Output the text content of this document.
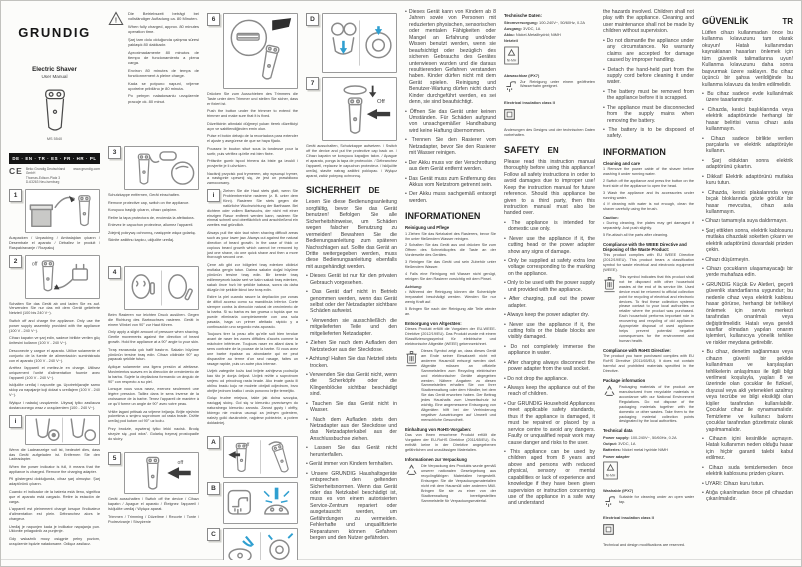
GRUNDIG
Electric Shaver
User Manual
MS 5540
DE · EN · TR · ES · FR · HR · PL
CE Beko Grundig Deutschland GmbH
Thomas-Edison-Platz 3
D-63263 Neu-Isenburg
www.grundig.com
1

Auspacken / Unpacking / Ambalajdan çıkarın / Desembale el aparato / Déballez le produit / Raspakiravanje / Rozpakuj

2	off

Schalten Sie das Gerät ab und laden Sie es auf. Verwenden Sie nur das mit dem Gerät gelieferte Netzteil (100 bis 240 V~).

Switch off and charge the appliance. Only use the power supply assembly provided with the appliance (100 V - 240 V~).

Cihazı kapatın ve şarj edin, sadece birlikte verilen güç ünitesini kullanın (100 V - 240 V~).

Desconecte y cargue el aparato. Utilice solamente el conjunto de la fuente de alimentación suministrado con el aparato (100 V - 240 V~).

Arrêtez l'appareil et mettez-le en charge. Utilisez uniquement l'unité d'alimentation fournie avec l'appareil (100 V - 240 V~).

Isključite uređaj i napunite ga. Upotrebljavajte samo sklop za napajanje koji dolazi s uređajem (100 V - 240 V~).

Wyłącz i naładuj urządzenie. Używaj tylko zasilacza dostarczonego wraz z urządzeniem (100 - 240 V~).

i

Wenn die Ladeanzeige voll ist, bedeutet dies, dass das Gerät aufgeladen ist. Entfernen Sie den Ladeadapter.

When the power indicator is full, it means that the appliance is charged. Remove the charging adapter.

Pil göstergesi dolduğunda, cihaz şarj olmuştur. Şarj adaptörünü çıkarın.

Cuando el indicador de la batería está lleno, significa que el aparato está cargado. Retire la estación de carga.

L'appareil est pleinement chargé lorsque l'indicateur d'alimentation est plein. Débranchez alors le chargeur.

Uređaj je napunjen kada je indikator napajanja pun. Uklonite prilagodnik za punjenje.

Gdy wskaźnik mocy osiągnie pełny poziom, urządzenie będzie naładowane. Odłącz zasilacz.

!

Die Betriebszeit beträgt bei vollständiger Aufladung ca. 80 Minuten.

When fully charged, approx. 80 minutes operation time.

Şarj tam dolu olduğunda çalışma süresi yaklaşık 80 dakikadır.

Aproximadamente 80 minutos de tiempo de funcionamiento a plena carga.

Environ 80 minutes de temps de fonctionnement à pleine charge.

Kada se potpuno napuni, vrijeme upotrebe približno je 80 minuta.

Po pełnym naładowaniu urządzenie pracuje ok. 80 minut.

3

Schutzkappe entfernen, Gerät einschalten.

Remove protective cap, switch on the appliance.

Koruyucu başlığı çıkarın, cihazı çalıştırın.

Retire la tapa protectora de, encienda la afeitadora.

Enlevez le capuchon protecteur, allumez l'appareil.

Zdejmij pokrywę ochronną, następnie włącz golarkę.

Skinite zaštitnu kapicu, uključite uređaj.

4

Beim Rasieren nur leichten Druck ausüben. Gegen die Richtung des Bartwuchses rasieren. Gerät in einem Winkel von 90° zur Haut führen.

Only apply a slight amount of pressure when shaving. Gentle movements against the direction of beard growth. Hold the appliance at a 90° angle to your skin.

Tıraş esnasında çok hafif bastırın. Sakalın büyüme yönünün tersine tıraş edin. Cihazı cildinizle 90° açı yapacak şekilde tutun.

Aplique solamente una ligera presión al afeitarse. Movimientos suaves en la dirección de crecimiento de la barba. Sujete la depiladora formando un ángulo de 90° con respecto a su piel.

Lorsque vous vous rasez, exercez seulement une légère pression. Taillez dans le sens inverse de la croissance de la barbe. Tenez l'appareil de manière à ce qu'il forme un angle de 90° avec votre peau.

Vršite lagani pritisak za vrijeme brijanja. Brijte nježnim pokretima u smjeru suprotnom od rasta brade. Držite uređaj pod kutom od 90° uz kožu.

Przy brodzie, wywieraj tylko lekki nacisk. Brodę strzyże się „pod włos”. Golarkę trzymaj prostopadle do skóry.

5
off

Gerät ausschalten / Switch off the device / Cihazı kapatın / Apague el aparato / Éteignez l'appareil / Isključite uređaj / Wyłącz aparat.

Trimmen / Trimming / Düzeltme / Recorte / Tonte / Podrezivanje / Strzyżenie

6

Drücken Sie zum Ausschieben des Trimmers die Taste unter dem Trimmer und stellen Sie sicher, dass er fixiert ist.

Push the button under the trimmer to extend the trimmer and make sure that it is fixed.

Düzelticinin altındaki düğmeyi yukarı iterek düzelticiyi açın ve sabitlendiğinden emin olun.

Pulse el botón debajo de la recortadora para extender el ajuste y asegúrese de que se haya fijado.

Poussez le bouton situé sous la tondeuse pour la sortir, puis vérifiez qu'elle est bien fixée.

Pritisnite gumb ispod trimera da biste ga izvukli i provjerite je li učvršćen.

Naciśnij przycisk pod trymerem, aby wysunąć trymer, a następnie upewnij się, że jest on prawidłowo zamocowany.

i

Ziehen Sie die Haut stets glatt, wenn Sie Problembereiche rasieren (z. B. unter dem Kinn). Rasieren Sie stets gegen die natürliche Wuchsrichtung der Barthaare. Bei dichtem oder vollem Bartwuchs, der nicht mit einer einzigen Rasur entfernt werden kann, rasieren Sie einmal schnell und oberflächlich und anschließend ein zweites mal gründlich.

Always pull the skin taut when shaving difficult areas such as your lower jaw. Always cut against the natural direction of beard growth. In the case of thick or copious beard growth which cannot be removed by just one shave, do one quick shave and then a more thorough second one.

Çene altı gibi zor bölgeleri tıraş ederken cildinizi mutlaka gergin tutun. Daima sakalın doğal büyüme yönünün tersine tıraş edin. Bir kerede tıraş edilemeyecek kadar sert ve kalın sakalı tıraş ederken, sakalı önce hızlı bir şekilde kabaca, sonra da daha düzgün bir şekilde ikinci kez tıraş edin.

Estire la piel cuando rasure la depilación por zonas de difícil acceso como su mandíbula inferior. Corte siempre contra la dirección natural de crecimiento de la barba. Si su barba es tan gruesa o tupida que no puede eliminarla completamente con una sola pasada, haga un primer afeitado rápido y a continuación uno segundo más apurado.

Toujours tirer la peau afin qu'elle soit bien tendue avant de raser les zones difficiles d'accès comme la mâchoire inférieure. Toujours raser en allant dans le sens contraire de la pousse de la barbe. Si vous avez une barbe épaisse ou abondante qui ne peut disparaître au terme d'un seul rasage, faites un rasage rapide, puis un autre plus intense.

Uvijek zategnite kožu kad brijete zahtjevna područja kao što je donja čeljust. Uvijek režite u suprotnom smjeru od prirodnog rasta brade. Ako imate gustu ili obilnu bradu koju ne možete obrijati odjednom, brzo obrijte jednom kratko i onda ponovno brijte temeljito.

Goląc trudne miejsca, takie jak dolna szczęka, naciągaj skórę. Gol się w kierunku przeciwnym do naturalnego kierunku zarostu. Zarost gęsty i obfity, którego nie można usunąć za jednym goleniem, należy golić dwukrotnie, najpierw pobieżnie, a potem dokładniej.

A	off
B
C
D
7
Off

Gerät ausschalten, Schutzkappe aufsetzen. / Switch off the device and put the protective cap back on. / Cihazı kapatın ve koruyucu kapağını takın. / Apague el aparato, ponga la tapa de protección. / Débranchez l'appareil, replacez le capuchon protecteur. / Isključite uređaj, stavite natrag zaštitni poklopac. / Wyłącz aparat, załóż pokrywę ochronną.

SICHERHEIT DE

Lesen Sie diese Bedienungsanleitung sorgfältig, bevor Sie das Gerät benutzen! Befolgen Sie alle Sicherheitshinweise, um Schäden wegen falscher Benutzung zu vermeiden! Bewahren Sie die Bedienungsanleitung zum späteren Nachschlagen auf. Sollte das Gerät an Dritte weitergegeben werden, muss diese Bedienungsanleitung ebenfalls mit ausgehändigt werden.

• Dieses Gerät ist nur für den privaten Gebrauch vorgesehen.

• Das Gerät darf nicht in Betrieb genommen werden, wenn das Gerät selbst oder der Netzadapter sichtbare Schäden aufweist.

• Verwenden sie ausschließlich die mitgelieferten Teile und den mitgelieferten Netzadapter.

• Ziehen Sie nach dem Aufladen den Netzstecker aus der Steckdose.

• Achtung! Halten Sie das Netzteil stets trocken.

• Verwenden Sie das Gerät nicht, wenn die Scherköpfe oder die Klingenblöcke sichtbar beschädigt sind.

• Tauchen Sie das Gerät nicht in Wasser.

• Nach dem Aufladen stets den Netzadapter aus der Steckdose und das Netzadapterkabel aus der Anschlussbuchse ziehen.

• Lassen Sie das Gerät nicht herunterfallen.

• Gerät immer von Kindern fernhalten.

• Unsere GRUNDIG Haushaltsgeräte entsprechen den geltenden Sicherheitsnormen. Wenn das Gerät oder das Netzkabel beschädigt ist, muss es von einem autorisierten Service-Zentrum repariert oder ausgetauscht werden, um Gefährdungen zu vermeiden. Fehlerhafte und unqualifizierte Reparaturen können Gefahren bergen und den Nutzer gefährden.

• Dieses Gerät kann von Kindern ab 8 Jahren sowie von Personen mit reduzierten physischen, sensorischen oder mentalen Fähigkeiten oder Mangel an Erfahrung und/oder Wissen benutzt werden, wenn sie beaufsichtigt oder bezüglich des sicheren Gebrauchs des Gerätes unterwiesen wurden und die daraus resultierenden Gefahren verstanden haben. Kinder dürfen nicht mit dem Gerät spielen. Reinigung und Benutzer-Wartung dürfen nicht durch Kinder durchgeführt werden, es sei denn, sie sind beaufsichtigt.

• Öffnen Sie das Gerät unter keinen Umständen. Für Schäden aufgrund von unsachgemäßer Handhabung wird keine Haftung übernommen.

• Trennen Sie den Rasierer vom Netzadapter, bevor Sie den Rasierer mit Wasser reinigen.

• Der Akku muss vor der Verschrottung aus dem Gerät entfernt werden.

• Das Gerät muss zum Entfernung des Akkus vom Netzstrom getrennt sein.

• Der Akku muss sachgemäß entsorgt werden.

INFORMATIONEN

Reinigung und Pflege

1 Ziehen Sie das Netzkabel des Rasierers, bevor Sie ihn unter fließendem Wasser reinigen.

2 Schalten Sie das Gerät aus und drücken Sie zum Öffnen des Schneidkopfes die Taste an der Vorderseite des Gerätes.

3 Reinigen Sie das Gerät und sein Zubehör unter fließendem Wasser.

4 Falls eine Reinigung mit Wasser nicht genügt, reinigen Sie den Rasierer vorsichtig mit dem Pinsel.

Achtung:

• Während der Reinigung können die Scherköpfe irreparabel beschädigt werden. Wenden Sie nur wenig Kraft auf.

5 Bringen Sie nach der Reinigung alle Teile wieder an.

Entsorgung von Altgeräten:

Dieses Produkt erfüllt die Vorgaben der EU-WEEE-Direktive (2012/19/EU). Das Produkt wurde mit einem Klassifizierungssymbol für elektrische und elektronische Altgeräte (WEEE) gekennzeichnet.

Dieses Symbol zeigt an, dass dieses Gerät am Ende seiner Einsatzzeit nicht mit anderem Hausmüll entsorgt werden darf. Altgeräte müssen an offizielle Sammelstellen zum Recycling elektrischer und elektronischer Geräte abgegeben werden. Nähere Angaben zu diesen Sammelstellen erhalten Sie von Ihrer Stadtverwaltung oder dem Händler, bei dem Sie das Gerät erworben haben. Der Beitrag jedes Haushalts zum Umweltschutz ist wichtig. Eine angemessene Entsorgung von Altgeräten hilft bei der Verhinderung negativer Auswirkungen auf Umwelt und menschliche Gesundheit.

Einhaltung von RoHS-Vorgaben:

Das von Ihnen erworbene Produkt erfüllt die Vorgaben der EU-RoHS Direktive (2011/65/EU). Es enthält keine in der Direktive angegebenen gefährlichen und unzulässigen Materialien.

Informationen zur Verpackung

Die Verpackung des Produkts wurde gemäß unserer nationalen Gesetzgebung aus recyclingfähigen Materialien hergestellt. Entsorgen Sie die Verpackungsmaterialien nicht mit dem Hausmüll oder anderem Müll. Bringen Sie sie zu einer von der Stadtverwaltung bereitgestellten Sammelstelle für Verpackungsmaterial.

Technische Daten:

Stromversorgung: 100-240V~, 50/60Hz, 0.2A

Ausgang: 3VDC, 1A

Akku: Nickel-Metallhydrid; NiMH

Netzteil

Ni-MH

Abwaschbar (IPX7)

Zur Reinigung unter einem geöffneten Wasserhahn geeignet.

Electrical insulation class II

Änderungen des Designs und der technischen Daten vorbehalten.

SAFETY EN

Please read this instruction manual thoroughly before using this appliance! Follow all safety instructions in order to avoid damages due to improper use! Keep the instruction manual for future reference. Should this appliance be given to a third party, then this instruction manual must also be handed over.

• The appliance is intended for domestic use only.

• Never use the appliance if it, the cutting head or the power adapter show any signs of damage.

• Only be supplied at safety extra low voltage corresponding to the marking on the appliance.

• Only to be used with the power supply unit provided with the appliance.

• After charging, pull out the power adapter.

• Always keep the power adapter dry.

• Never use the appliance if it, the cutting foils or the blade blocks are visibly damaged.

• Do not completely immerse the appliance in water.

• After charging always disconnect the power adapter from the wall socket.

• Do not drop the appliance.

• Always keep the appliance out of the reach of children.

• Our GRUNDIG Household Appliances meet applicable safety standards, thus if the appliance is damaged, it must be repaired or placed by a service centre to avoid any dangers. Faulty or unqualified repair work may cause danger and risks to the user.

• This appliance can be used by children aged from 8 years and above and persons with reduced physical, sensory or mental capabilities or lack of experience and knowledge if they have been given supervision or instruction concerning use of the appliance in a safe way and understand

the hazards involved. Children shall not play with the appliance. Cleaning and user maintenance shall not be made by children without supervision.

• Do not dismantle the appliance under any circumstances. No warranty claims are accepted for damage caused by improper handling.

• Detach the hand-held part from the supply cord before cleaning it under water.

• The battery must be removed from the appliance before it is scrapped.

• The appliance must be disconnected from the supply mains when removing the battery.

• The battery is to be disposed of safety.

INFORMATION

Cleaning and care

1 Remove the power cable of the shaver before washing it under running water.

2 Switch off the appliance and press the button on the front side of the appliance to open the head.

3 Wash the appliance and its accessories under running water.

4 If cleaning with water is not enough, clean the shaver carefully using the brush.

Caution:

• During cleaning, the plates may get damaged if separately. Just push slightly.

5 Re-attach all the parts after cleaning.

Compliance with the WEEE Directive and Disposing of the Waste Product:

This product complies with EU WEEE Directive (2012/19/EU). This product bears a classification symbol for waste electrical and electronic equipment (WEEE).

This symbol indicates that this product shall not be disposed with other household wastes at the end of its service life. Used device must be returned to official collection point for recycling of electrical and electronic devices. To find these collection systems please contact to your local authorities or retailer where the product was purchased. Each household performs important role in recovering and recycling of old appliance. Appropriate disposal of used appliance helps prevent potential negative consequences for the environment and human health.

Compliance with RoHS Directive:

The product you have purchased complies with EU RoHS Directive (2011/65/EU). It does not contain harmful and prohibited materials specified in the Directive.

Package information

Packaging materials of the product are manufactured from recyclable materials in accordance with our National Environment Regulations. Do not dispose of the packaging materials together with the domestic or other wastes. Take them to the packaging material collection points designated by the local authorities.

Technical data

Power supply: 100-240V~, 50/60Hz, 0.2A

Output: 3VDC, 1A

Batteries: Nickel metal hydride NiMH

Power adapter

Ni-MH

Washable (IPX7)

Suitable for cleaning under an open water tap.

Electrical insulation class II

Technical and design modifications are reserved.

GÜVENLİK	TR

Lütfen cihazı kullanmadan önce bu kullanma kılavuzunu tam olarak okuyun! Hatalı kullanımdan kaynaklanan hasarları önlemek için tüm güvenlik talimatlarına uyun! Kullanma kılavuzunu daha sonra başvurmak üzere saklayın. Bu cihaz üçüncü bir şahsa verildiğinde bu kullanma kılavuzu da teslim edilmelidir.

• Bu cihaz sadece evde kullanılmak üzere tasarlanmıştır.

• Cihazda, kesici başlıklarında veya elektrik adaptöründe herhangi bir hasar belirtisi varsa cihazı asla kullanmayın.

• Cihazı sadece birlikte verilen parçalarla ve elektrik adaptörüyle kullanın.

• Şarj olduktan sonra elektrik adaptörünü çıkartın.

• Dikkat! Elektrik adaptörünü mutlaka kuru tutun.

• Cihazda, kesici plakalarında veya bıçak bloklarında gözle görülür bir hasar mevcutsa, cihazı asla kullanmayın.

• Cihazı tamamıyla suya daldırmayın.

• Şarj ettikten sonra, elektrik kablosunu mutlaka cihazdaki soketten çıkarın ve elektrik adaptörünü duvardaki prizden çekin.

• Cihazı düşürmeyin.

• Cihazı çocukların ulaşamayacağı bir yerde muhafaza edin.

• GRUNDIG Küçük Ev Aletleri, geçerli güvenlik standartlarına uygundur; bu nedenle cihaz veya elektrik kablosu hasar görürse, herhangi bir tehlikeyi önlemek için servis merkezi tarafından onarılmalı veya değiştirilmelidir. Hatalı veya gerekli vasıflar olmadan yapılan onarım işlemleri, kullanıcıya yönelik tehlike ve riskler meydana getirebilir.

• Bu cihaz, denetim sağlanması veya cihazın güvenli bir şekilde kullanılması ve karşılaşılan tehlikelerin anlaşılması ile ilgili bilgi verilmesi koşuluyla, yaşları 8 ve üzerinde olan çocuklar ile fiziksel, duyusal veya akli yetenekleri azalmış veya tecrübe ve bilgi eksikliği olan kişiler tarafından kullanılabilir. Çocuklar cihaz ile oynamamalıdır. Temizleme ve kullanıcı bakımı çocuklar tarafından gözetimsiz olarak yapılmamalıdır.

• Cihazın içini kesinlikle açmayın. Hatalı kullanımın neden olduğu hasar için hiçbir garanti talebi kabul edilmez.

• Cihazı suda temizlemeden önce elektrik kablosunu prizden çıkarın.

• UYARI: Cihazı kuru tutun.

• Atığa çıkarılmadan önce pil cihazdan çıkarılmalıdır.
